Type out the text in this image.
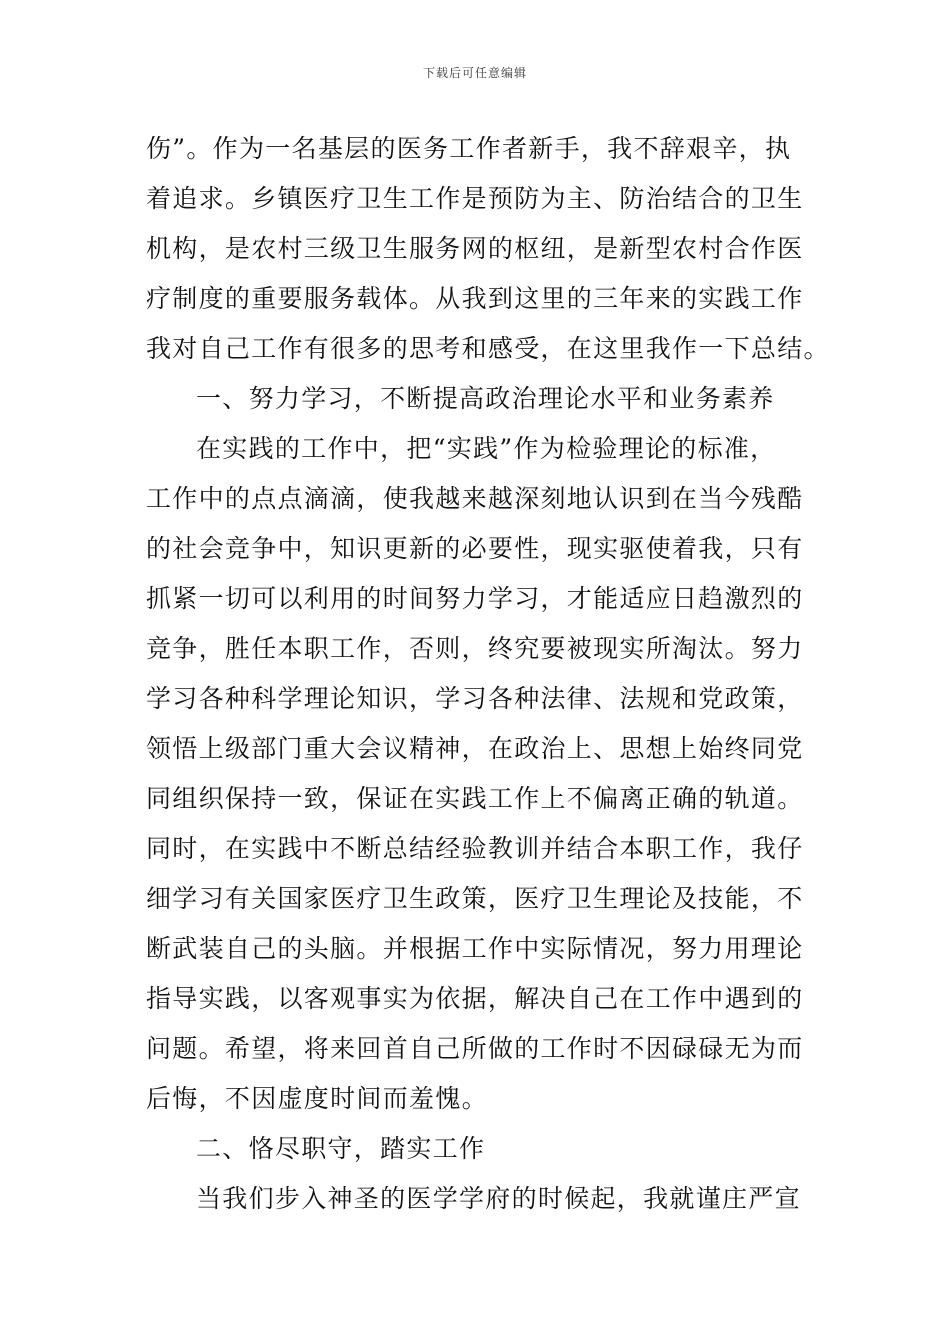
下载后可任意编辑
伤”。作为一名基层的医务工作者新手，我不辞艰辛，执
着追求。乡镇医疗卫生工作是预防为主、防治结合的卫生
机构，是农村三级卫生服务网的枢纽，是新型农村合作医
疗制度的重要服务载体。从我到这里的三年来的实践工作
我对自己工作有很多的思考和感受，在这里我作一下总结。
一、努力学习，不断提高政治理论水平和业务素养
在实践的工作中，把“实践”作为检验理论的标准，
工作中的点点滴滴，使我越来越深刻地认识到在当今残酷
的社会竞争中，知识更新的必要性，现实驱使着我，只有
抓紧一切可以利用的时间努力学习，才能适应日趋激烈的
竞争，胜任本职工作，否则，终究要被现实所淘汰。努力
学习各种科学理论知识，学习各种法律、法规和党政策，
领悟上级部门重大会议精神，在政治上、思想上始终同党
同组织保持一致，保证在实践工作上不偏离正确的轨道。
同时，在实践中不断总结经验教训并结合本职工作，我仔
细学习有关国家医疗卫生政策，医疗卫生理论及技能，不
断武装自己的头脑。并根据工作中实际情况，努力用理论
指导实践，以客观事实为依据，解决自己在工作中遇到的
问题。希望，将来回首自己所做的工作时不因碌碌无为而
后悔，不因虚度时间而羞愧。
二、恪尽职守，踏实工作
当我们步入神圣的医学学府的时候起，我就谨庄严宣
